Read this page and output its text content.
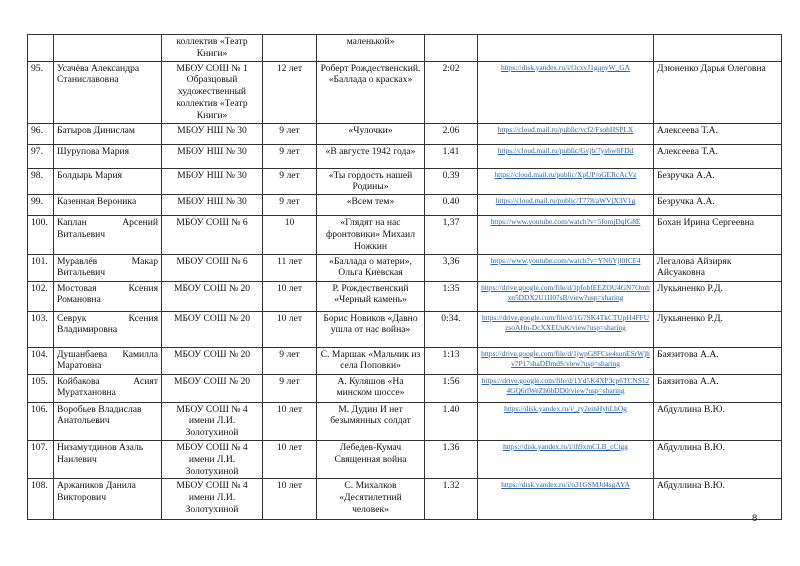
		коллектив «Театр Книги»		маленькой»			
95.	Усачёва Александра Станиславовна	МБОУ СОШ № 1 Образцовый художественный коллектив «Театр Книги»	12 лет	Роберт Рождественский. «Баллада о красках»	2:02	https://disk.yandex.ru/i/OcxvJ1gqnyW_GA	Дзюненко Дарья Олеговна
96.	Батыров Динислам	МБОУ НШ № 30	9 лет	«Чулочки»	2.06	https://cloud.mail.ru/public/vcf2/FsohHSPLX	Алексеева Т.А.
97.	Шурупова Мария	МБОУ НШ № 30	9 лет	«В августе 1942 года»	1.41	https://cloud.mail.ru/public/Gvjb/7ys6w8FDd	Алексеева Т.А.
98.	Болдырь Мария	МБОУ НШ № 30	9 лет	«Ты гордость нашей Родины»	0.39	https://cloud.mail.ru/public/XpUP/oGERcAcVz	Безручка А.А.
99.	Казенная Вероника	МБОУ НШ № 30	9 лет	«Всем тем»	0.40	https://cloud.mail.ru/public/T778/aWVjX3V1g	Безручка А.А.
100.	Каплан Арсений Витальевич	МБОУ СОШ № 6	10	«Глядят на нас фронтовики» Михаил Ножкин	1,37	https://www.youtube.com/watch?v=5fomjDqfG8E	Бохан Ирина Сергеевна
101.	Муравлёв Макар Витальевич	МБОУ СОШ № 6	11 лет	«Баллада о матери», Ольга Киевская	3,36	https://www.youtube.com/watch?v=YN6Yjl0fCF4	Легалова Айзиряк Айсуаковна
102.	Мостовая Ксения Романовна	МБОУ СОШ № 20	10 лет	Р. Рождественский «Черный камень»	1:35	https://drive.google.com/file/d/1pfobfEEZOU4GN7Omhxn5DDX2U1II07sB/view?usp=sharing	Лукьяненко Р.Д.
103.	Севрук Ксения Владимировна	МБОУ СОШ № 20	10 лет	Борис Новиков «Давно ушла от нас война»	0:34.	https://drive.google.com/file/d/1G7SK4TkCTUpH4FFUzsoAHn-DcXXEUuK/view?usp=sharing	Лукьяненко Р.Д.
104.	Душанбаева Камилла Маратовна	МБОУ СОШ № 20	9 лет	С. Маршак «Мальчик из села Поповки»	1:13	https://drive.google.com/file/d/1jwpG8FCse4sunESrWjhv7P17shaDDmdS/view?usp=sharing	Баязитова А.А.
105.	Койбакова Асият Муратхановна	МБОУ СОШ № 20	9 лет	А. Куляшов «На минском шоссе»	1:56	https://drive.google.com/file/d/1Yd5K4XP3cp6TCNS124GQ6rlWeZh6bDD0/view?usp=sharing	Баязитова А.А.
106.	Воробьев Владислав Анатольевич	МБОУ СОШ № 4 имени Л.И. Золотухиной	10 лет	М. Дудин И нет безымянных солдат	1.40	https://disk.yandex.ru/i/_ry2einHyhLhOg	Абдуллина В.Ю.
107.	Низамутдинов Азаль Наилевич	МБОУ СОШ № 4 имени Л.И. Золотухиной	10 лет	Лебедев-Кумач Священная война	1.36	https://disk.yandex.ru/i/ih9xmCLB_cCtgg	Абдуллина В.Ю.
108.	Аржаников Данила Викторович	МБОУ СОШ № 4 имени Л.И. Золотухиной	10 лет	С. Михалков «Десятилетний человек»	1.32	https://disk.yandex.ru/i/o31GSMJd4sgAYA	Абдуллина В.Ю.
8
